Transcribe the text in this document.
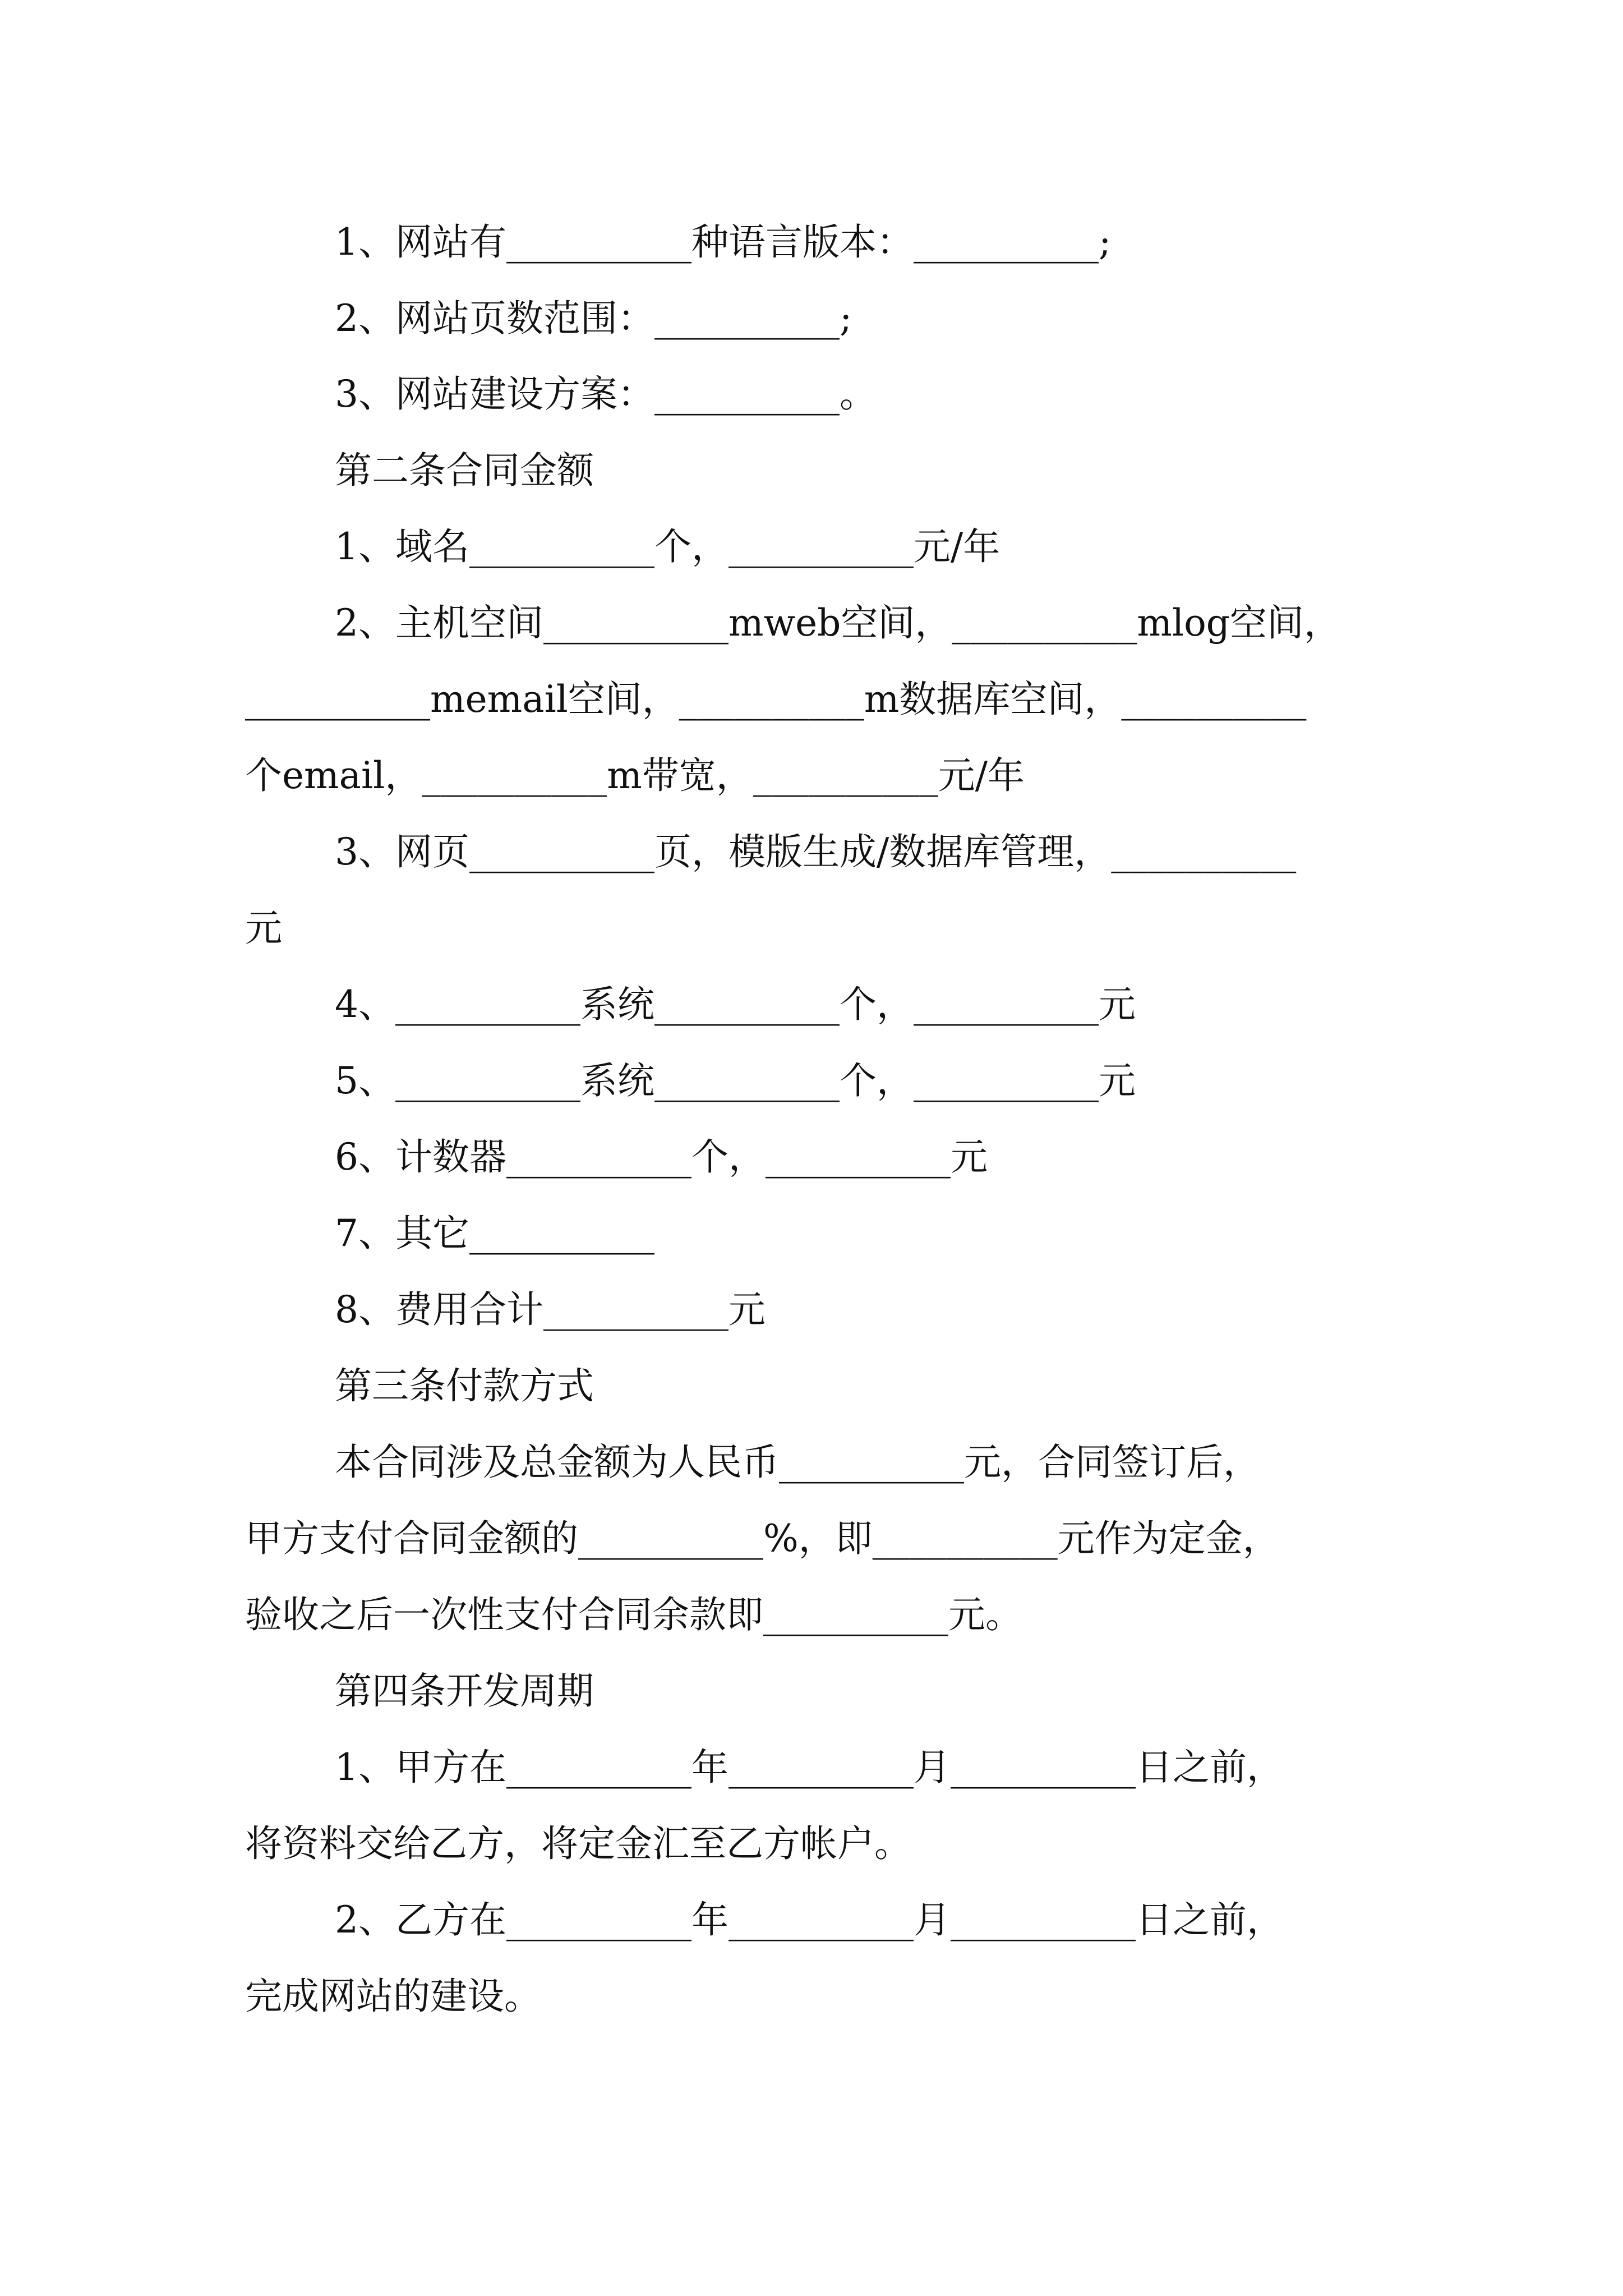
1、网站有__________种语言版本：__________;
2、网站页数范围：__________;
3、网站建设方案：__________。
第二条合同金额
1、域名__________个，__________元/年
2、主机空间__________mweb空间，__________mlog空间，
__________memail空间，__________m数据库空间，__________
个email，__________m带宽，__________元/年
3、网页__________页，模版生成/数据库管理，__________
元
4、__________系统__________个，__________元
5、__________系统__________个，__________元
6、计数器__________个，__________元
7、其它__________
8、费用合计__________元
第三条付款方式
本合同涉及总金额为人民币__________元，合同签订后，
甲方支付合同金额的__________%，即__________元作为定金，
验收之后一次性支付合同余款即__________元。
第四条开发周期
1、甲方在__________年__________月__________日之前，
将资料交给乙方，将定金汇至乙方帐户。
2、乙方在__________年__________月__________日之前，
完成网站的建设。
